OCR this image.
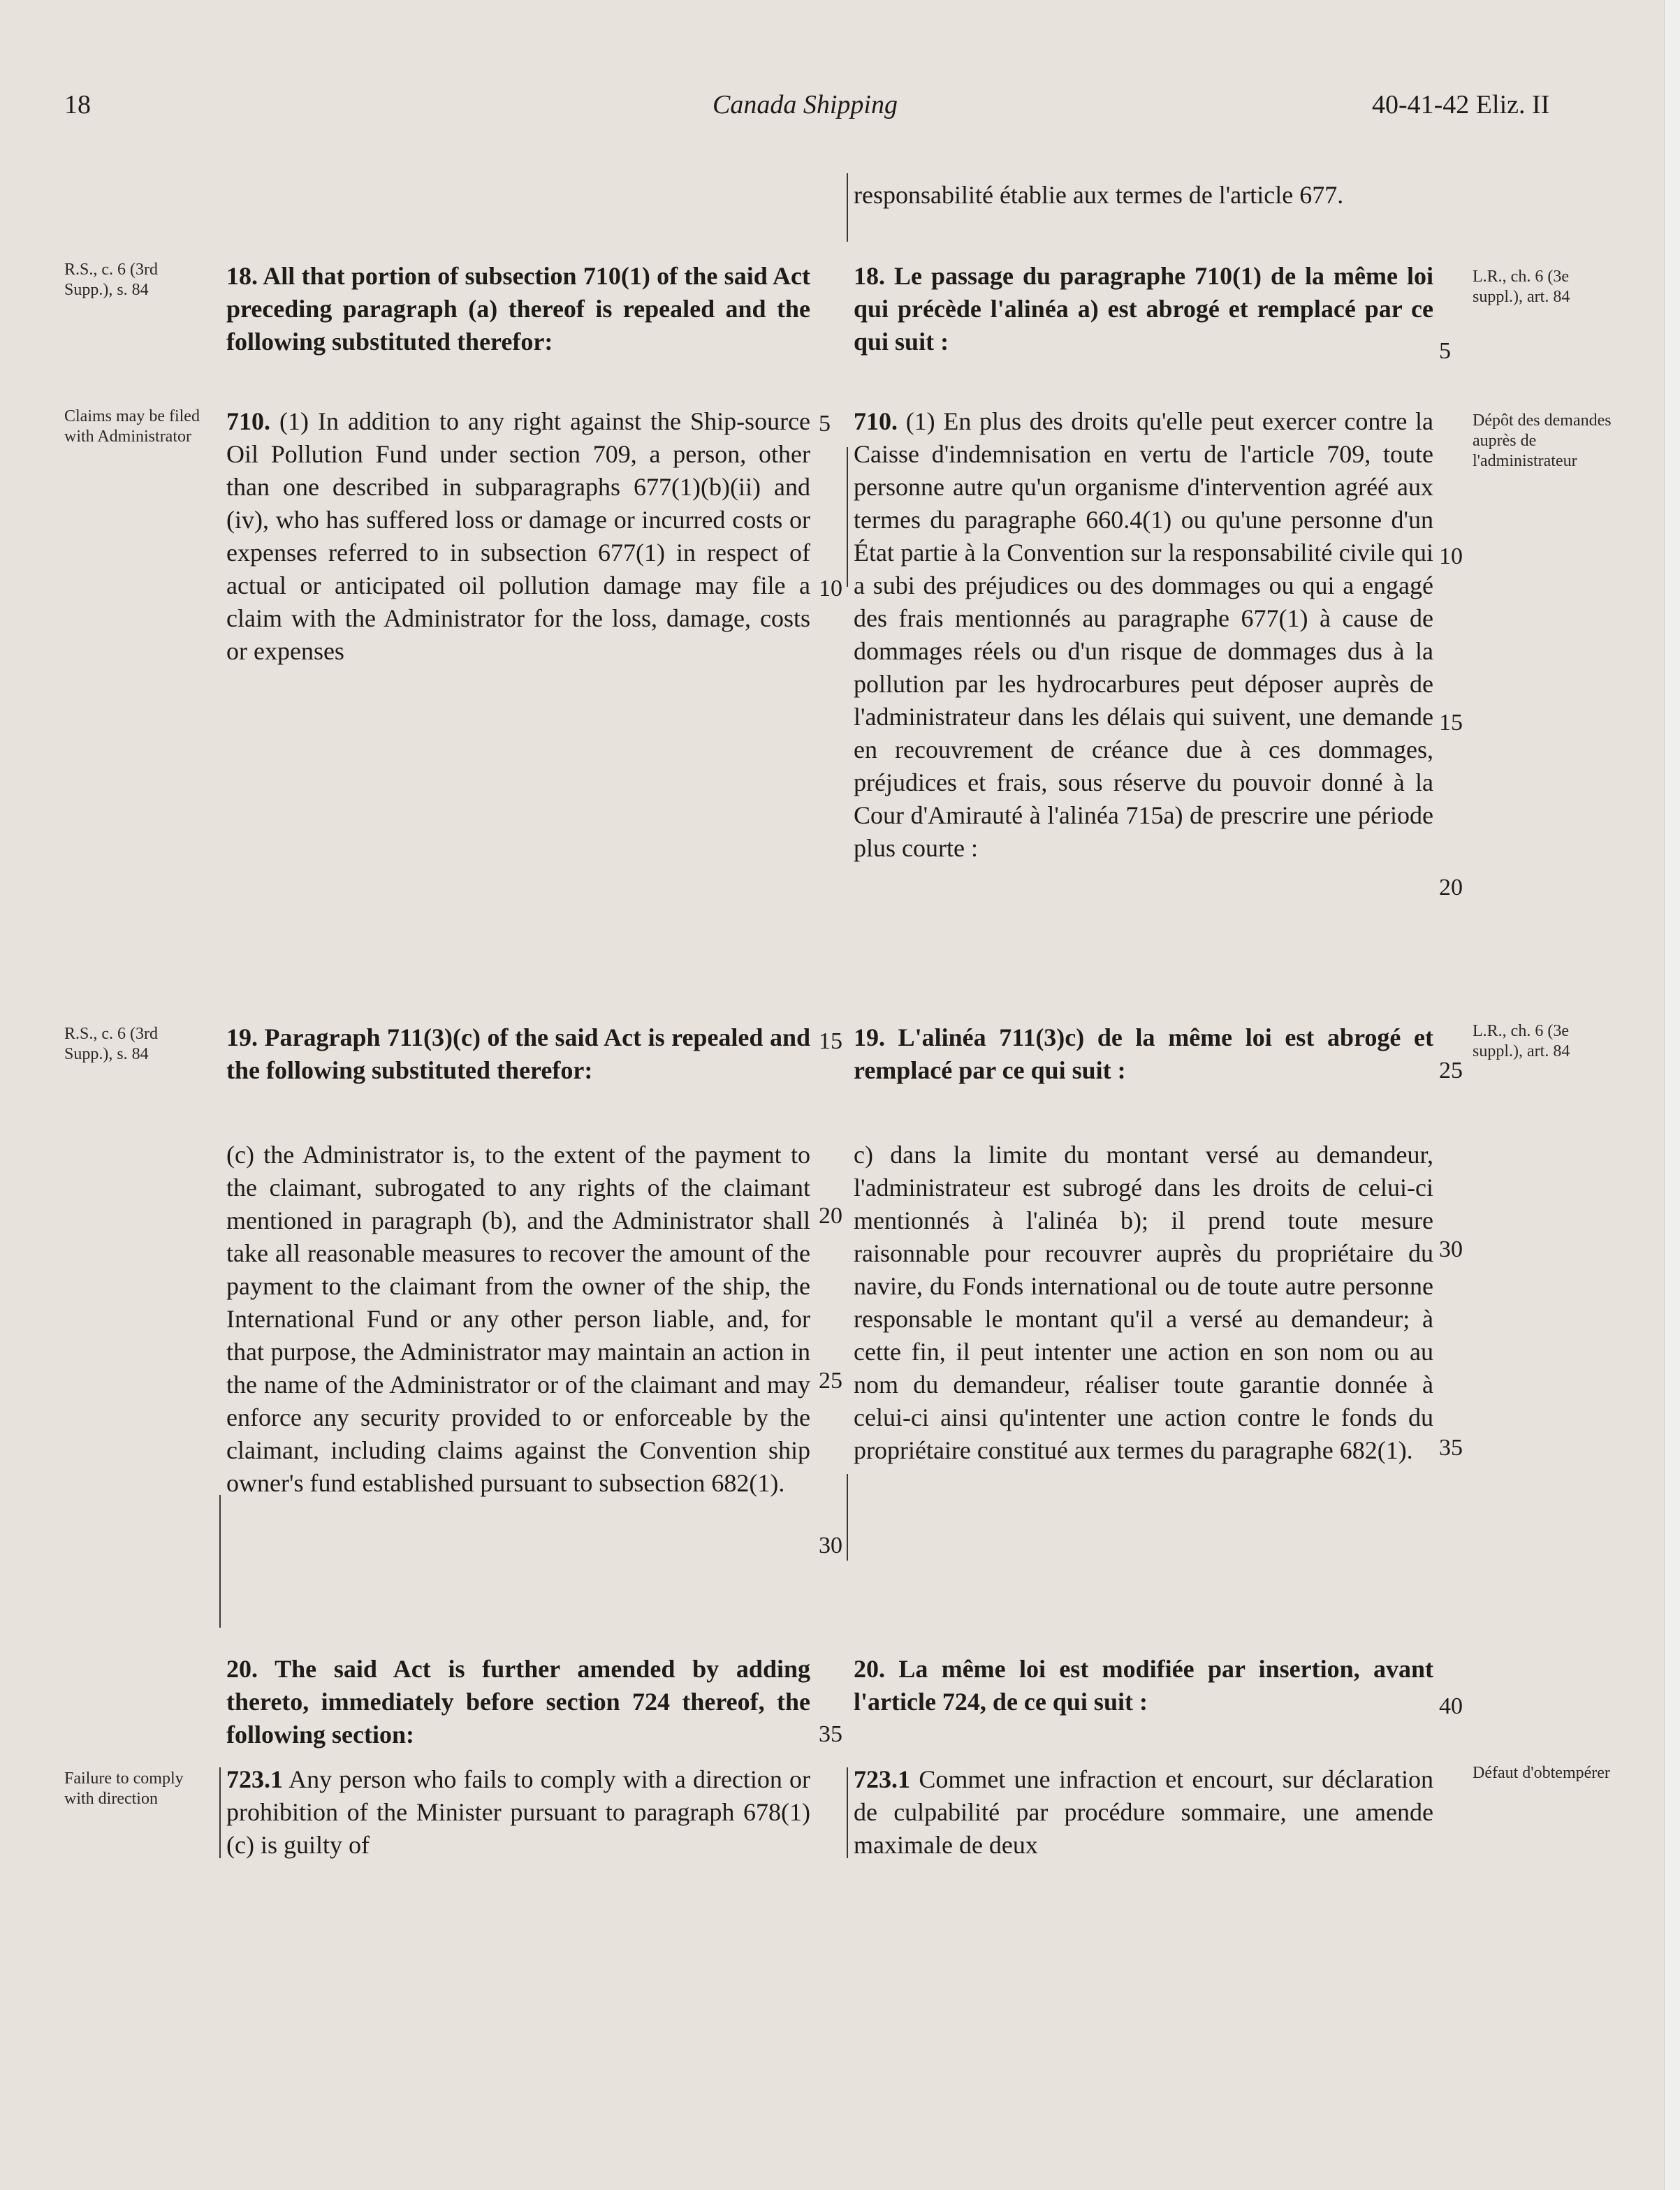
18	Canada Shipping	40-41-42 Eliz. II
R.S., c. 6 (3rd Supp.), s. 84
Claims may be filed with Administrator
R.S., c. 6 (3rd Supp.), s. 84
Failure to comply with direction
L.R., ch. 6 (3e suppl.), art. 84
Dépôt des demandes auprès de l'administrateur
L.R., ch. 6 (3e suppl.), art. 84
Défaut d'obtempérer
18. All that portion of subsection 710(1) of the said Act preceding paragraph (a) thereof is repealed and the following substituted therefor:
710. (1) In addition to any right against the Ship-source Oil Pollution Fund under section 709, a person, other than one described in subparagraphs 677(1)(b)(ii) and (iv), who has suffered loss or damage or incurred costs or expenses referred to in subsection 677(1) in respect of actual or anticipated oil pollution damage may file a claim with the Administrator for the loss, damage, costs or expenses
19. Paragraph 711(3)(c) of the said Act is repealed and the following substituted therefor:
(c) the Administrator is, to the extent of the payment to the claimant, subrogated to any rights of the claimant mentioned in paragraph (b), and the Administrator shall take all reasonable measures to recover the amount of the payment to the claimant from the owner of the ship, the International Fund or any other person liable, and, for that purpose, the Administrator may maintain an action in the name of the Administrator or of the claimant and may enforce any security provided to or enforceable by the claimant, including claims against the Convention ship owner's fund established pursuant to subsection 682(1).
20. The said Act is further amended by adding thereto, immediately before section 724 thereof, the following section:
723.1 Any person who fails to comply with a direction or prohibition of the Minister pursuant to paragraph 678(1)(c) is guilty of
responsabilité établie aux termes de l'article 677.
18. Le passage du paragraphe 710(1) de la même loi qui précède l'alinéa a) est abrogé et remplacé par ce qui suit :
710. (1) En plus des droits qu'elle peut exercer contre la Caisse d'indemnisation en vertu de l'article 709, toute personne autre qu'un organisme d'intervention agréé aux termes du paragraphe 660.4(1) ou qu'une personne d'un État partie à la Convention sur la responsabilité civile qui a subi des préjudices ou des dommages ou qui a engagé des frais mentionnés au paragraphe 677(1) à cause de dommages réels ou d'un risque de dommages dus à la pollution par les hydrocarbures peut déposer auprès de l'administrateur dans les délais qui suivent, une demande en recouvrement de créance due à ces dommages, préjudices et frais, sous réserve du pouvoir donné à la Cour d'Amirauté à l'alinéa 715a) de prescrire une période plus courte :
19. L'alinéa 711(3)c) de la même loi est abrogé et remplacé par ce qui suit :
c) dans la limite du montant versé au demandeur, l'administrateur est subrogé dans les droits de celui-ci mentionnés à l'alinéa b); il prend toute mesure raisonnable pour recouvrer auprès du propriétaire du navire, du Fonds international ou de toute autre personne responsable le montant qu'il a versé au demandeur; à cette fin, il peut intenter une action en son nom ou au nom du demandeur, réaliser toute garantie donnée à celui-ci ainsi qu'intenter une action contre le fonds du propriétaire constitué aux termes du paragraphe 682(1).
20. La même loi est modifiée par insertion, avant l'article 724, de ce qui suit :
723.1 Commet une infraction et encourt, sur déclaration de culpabilité par procédure sommaire, une amende maximale de deux
5
10
15
20
25
30
35
5
10
15
20
25
30
35
40
